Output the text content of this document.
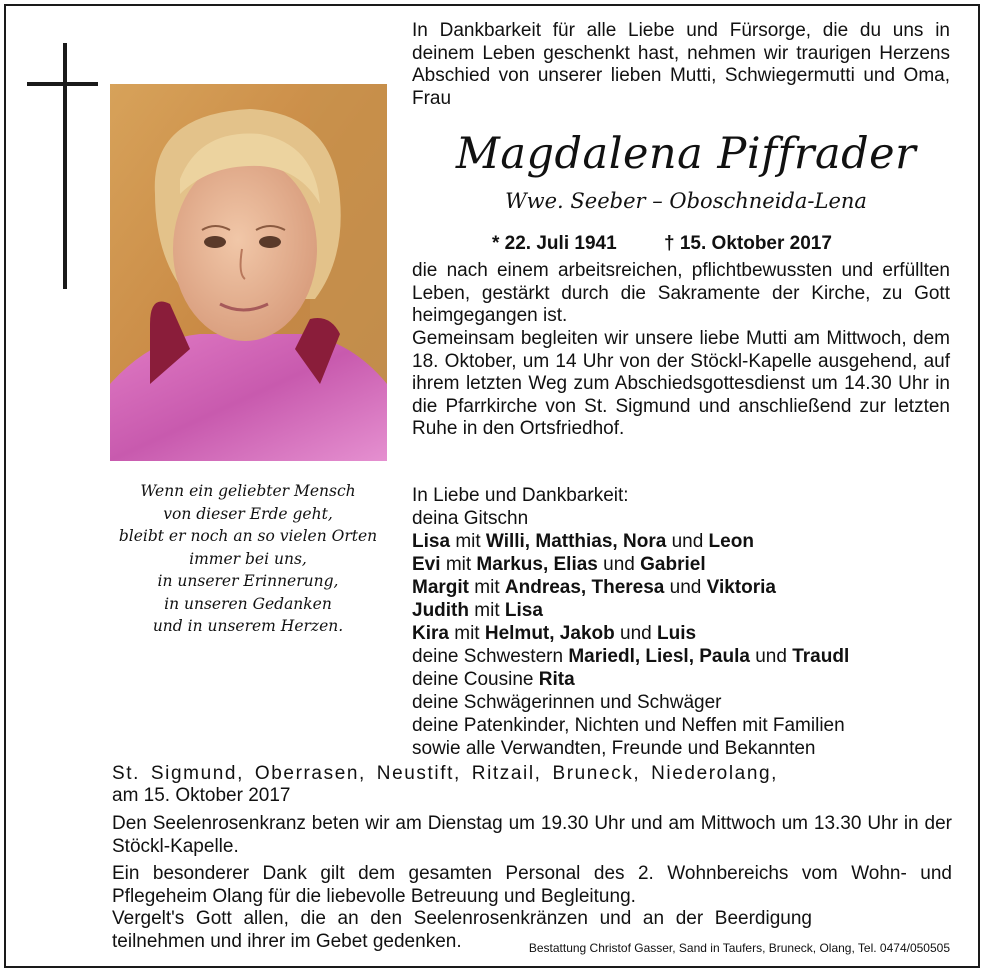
Wenn ein geliebter Mensch
von dieser Erde geht,
bleibt er noch an so vielen Orten
immer bei uns,
in unserer Erinnerung,
in unseren Gedanken
und in unserem Herzen.
In Dankbarkeit für alle Liebe und Fürsorge, die du uns in deinem Leben geschenkt hast, nehmen wir traurigen Herzens Abschied von unserer lieben Mutti, Schwiegermutti und Oma, Frau
Magdalena Piffrader
Wwe. Seeber – Oboschneida-Lena
* 22. Juli 1941 † 15. Oktober 2017
die nach einem arbeitsreichen, pflichtbewussten und erfüllten Leben, gestärkt durch die Sakramente der Kirche, zu Gott heimgegangen ist.
Gemeinsam begleiten wir unsere liebe Mutti am Mittwoch, dem 18. Oktober, um 14 Uhr von der Stöckl-Kapelle ausgehend, auf ihrem letzten Weg zum Abschiedsgottesdienst um 14.30 Uhr in die Pfarrkirche von St. Sigmund und anschließend zur letzten Ruhe in den Ortsfriedhof.
In Liebe und Dankbarkeit:
deina Gitschn
Lisa mit Willi, Matthias, Nora und Leon
Evi mit Markus, Elias und Gabriel
Margit mit Andreas, Theresa und Viktoria
Judith mit Lisa
Kira mit Helmut, Jakob und Luis
deine Schwestern Mariedl, Liesl, Paula und Traudl
deine Cousine Rita
deine Schwägerinnen und Schwäger
deine Patenkinder, Nichten und Neffen mit Familien
sowie alle Verwandten, Freunde und Bekannten
St. Sigmund, Oberrasen, Neustift, Ritzail, Bruneck, Niederolang,
am 15. Oktober 2017
Den Seelenrosenkranz beten wir am Dienstag um 19.30 Uhr und am Mittwoch um 13.30 Uhr in der Stöckl-Kapelle.
Ein besonderer Dank gilt dem gesamten Personal des 2. Wohnbereichs vom Wohn- und Pflegeheim Olang für die liebevolle Betreuung und Begleitung.
Vergelt's Gott allen, die an den Seelenrosenkränzen und an der Beerdigung teilnehmen und ihrer im Gebet gedenken.	Bestattung Christof Gasser, Sand in Taufers, Bruneck, Olang, Tel. 0474/050505
